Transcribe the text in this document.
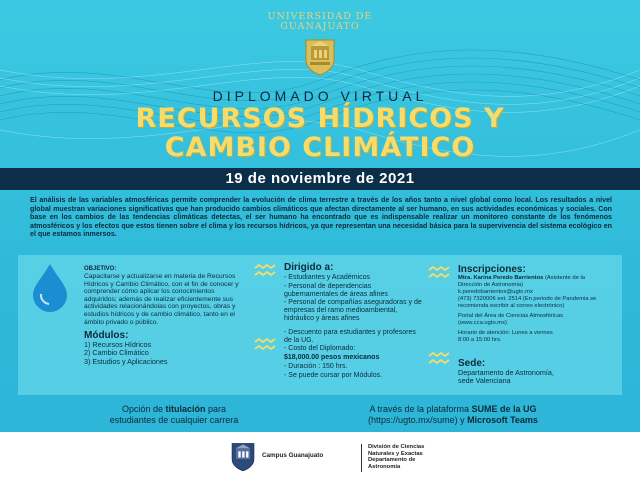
UNIVERSIDAD DE
GUANAJUATO
DIPLOMADO VIRTUAL
RECURSOS HÍDRICOS Y
CAMBIO CLIMÁTICO
19 de noviembre de 2021
El análisis de las variables atmosféricas permite comprender la evolución de clima terrestre a través de los años tanto a nivel global como local. Los resultados a nivel global muestran variaciones significativas que han producido cambios climáticos que afectan directamente al ser humano, en sus actividades económicas y sociales. Con base en los cambios de las tendencias climáticas detectas, el ser humano ha encontrado que es indispensable realizar un monitoreo constante de los fenómenos atmosféricos y los efectos que estos tienen sobre el clima y los recursos hídricos, ya que representan una necesidad básica para la supervivencia del sistema ecológico en el que estamos inmersos.
OBJETIVO:
Capacitarse y actualizarse en materia de Recursos Hídricos y Cambio Climático, con el fin de conocer y comprender cómo aplicar los conocimientos adquiridos; además de realizar eficientemente sus actividades relacionándolas con proyectos, obras y estudios hídricos y de cambio climático, tanto en el ámbito privado o público.
Módulos:
1) Recursos Hídricos
2) Cambio Climático
3) Estudios y Aplicaciones
Dirigido a:
- Estudiantes y Académicos
- Personal de dependencias gubernamentales de áreas afines
- Personal de compañías aseguradoras y de empresas del ramo medioambiental, hidráulico y áreas afines
- Descuento para estudiantes y profesores de la UG.
- Costo del Diplomado:
$18,000.00 pesos mexicanos
- Duración : 150 hrs.
- Se puede cursar por Módulos.
Inscripciones:
Mtra. Karina Peredo Barrientos (Asistente de la Dirección de Astronomía)
k.peredobarrientos@ugto.mx
(473) 7320006 ext. 2514 (En periodo de Pandemia se recomienda escribir al correo electrónico)
Portal del Área de Ciencias Atmosféricas
(www.cca.ugto.mx)
Horario de atención: Lunes a viernes
8:00 a 15:00 hrs.
Sede:
Departamento de Astronomía,
sede Valenciana
Opción de titulación para
estudiantes de cualquier carrera
A través de la plataforma SUME de la UG
(https://ugto.mx/sume) y Microsoft Teams
Campus Guanajuato
División de Ciencias
Naturales y Exactas
Departamento de
Astronomía
